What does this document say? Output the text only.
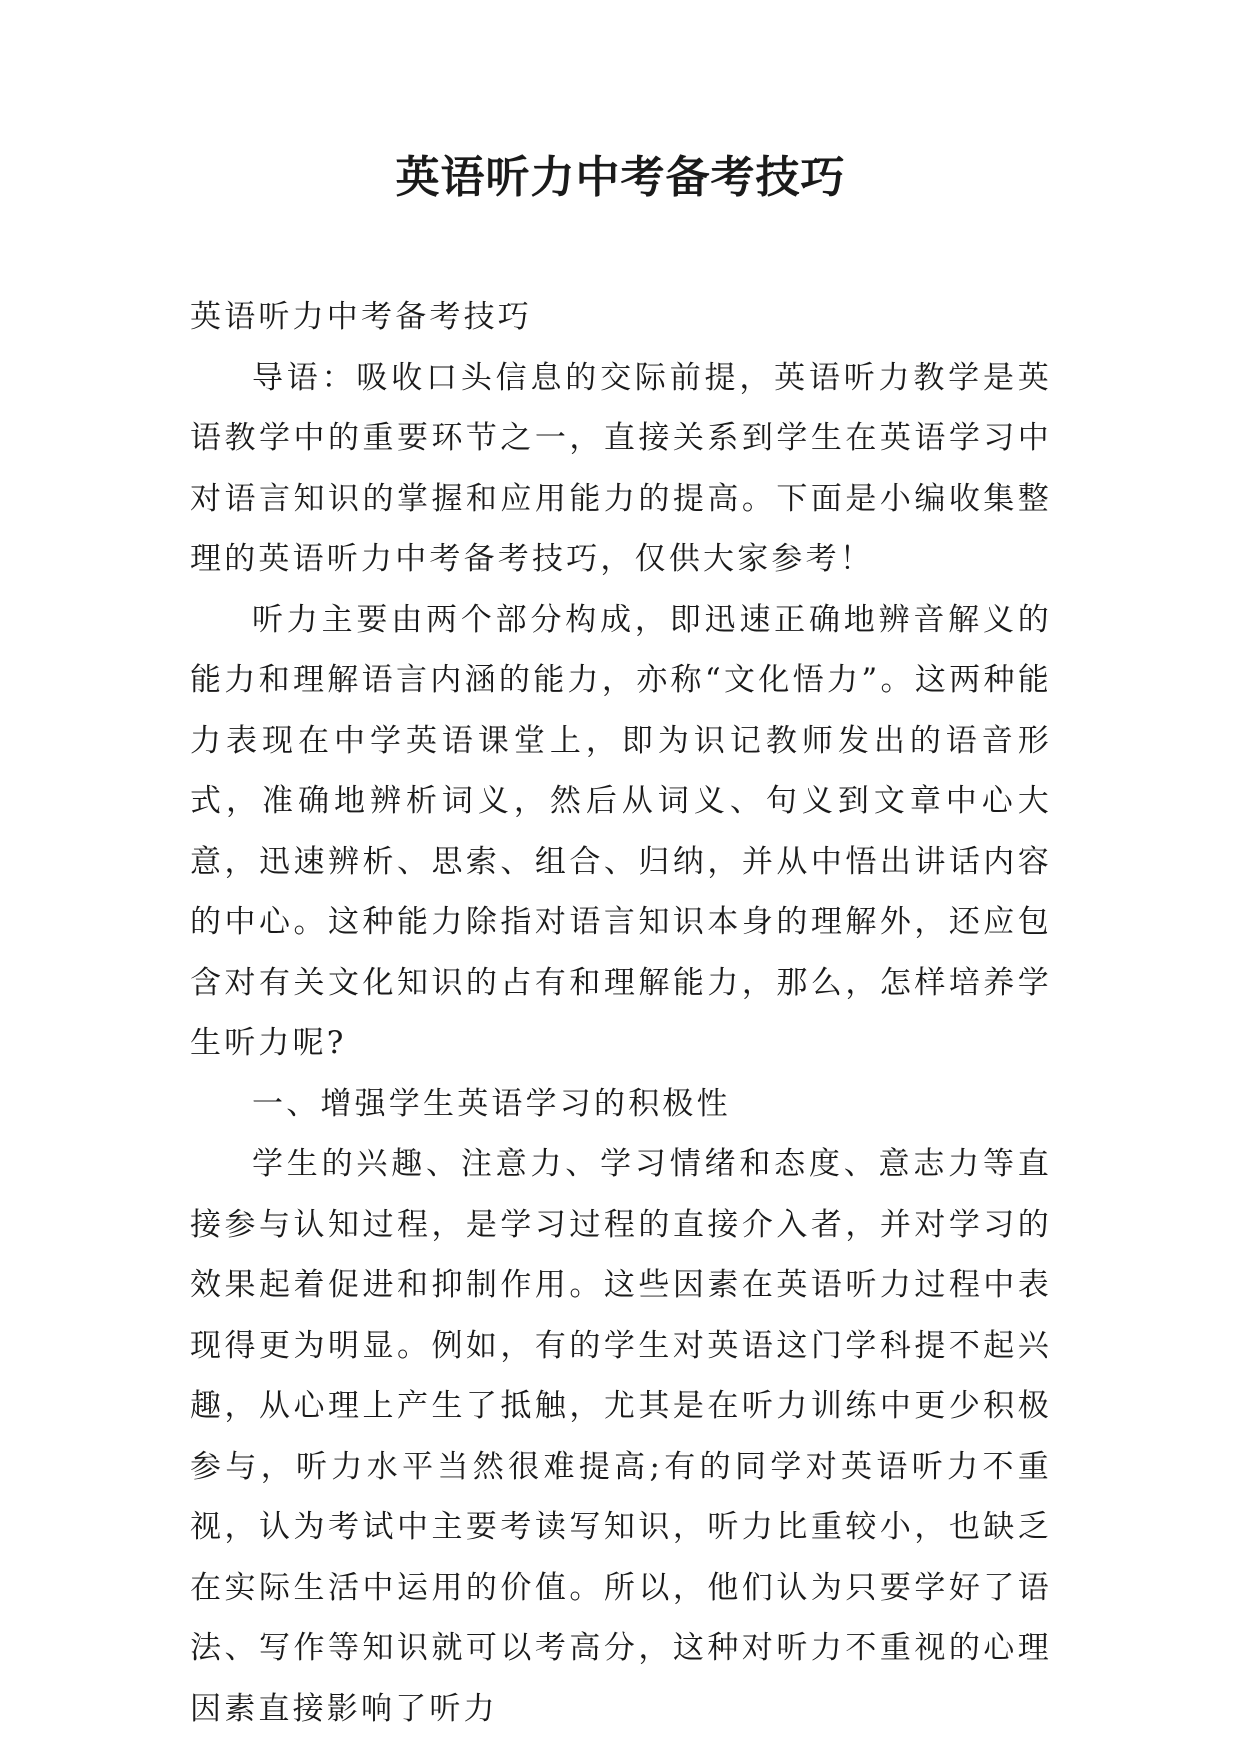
英语听力中考备考技巧

英语听力中考备考技巧

导语：吸收口头信息的交际前提，英语听力教学是英语教学中的重要环节之一，直接关系到学生在英语学习中对语言知识的掌握和应用能力的提高。下面是小编收集整理的英语听力中考备考技巧，仅供大家参考！

听力主要由两个部分构成，即迅速正确地辨音解义的能力和理解语言内涵的能力，亦称“文化悟力”。这两种能力表现在中学英语课堂上，即为识记教师发出的语音形式，准确地辨析词义，然后从词义、句义到文章中心大意，迅速辨析、思索、组合、归纳，并从中悟出讲话内容的中心。这种能力除指对语言知识本身的理解外，还应包含对有关文化知识的占有和理解能力，那么，怎样培养学生听力呢?

一、增强学生英语学习的积极性

学生的兴趣、注意力、学习情绪和态度、意志力等直接参与认知过程，是学习过程的直接介入者，并对学习的效果起着促进和抑制作用。这些因素在英语听力过程中表现得更为明显。例如，有的学生对英语这门学科提不起兴趣，从心理上产生了抵触，尤其是在听力训练中更少积极参与，听力水平当然很难提高;有的同学对英语听力不重视，认为考试中主要考读写知识，听力比重较小，也缺乏在实际生活中运用的价值。所以，他们认为只要学好了语法、写作等知识就可以考高分，这种对听力不重视的心理因素直接影响了听力
